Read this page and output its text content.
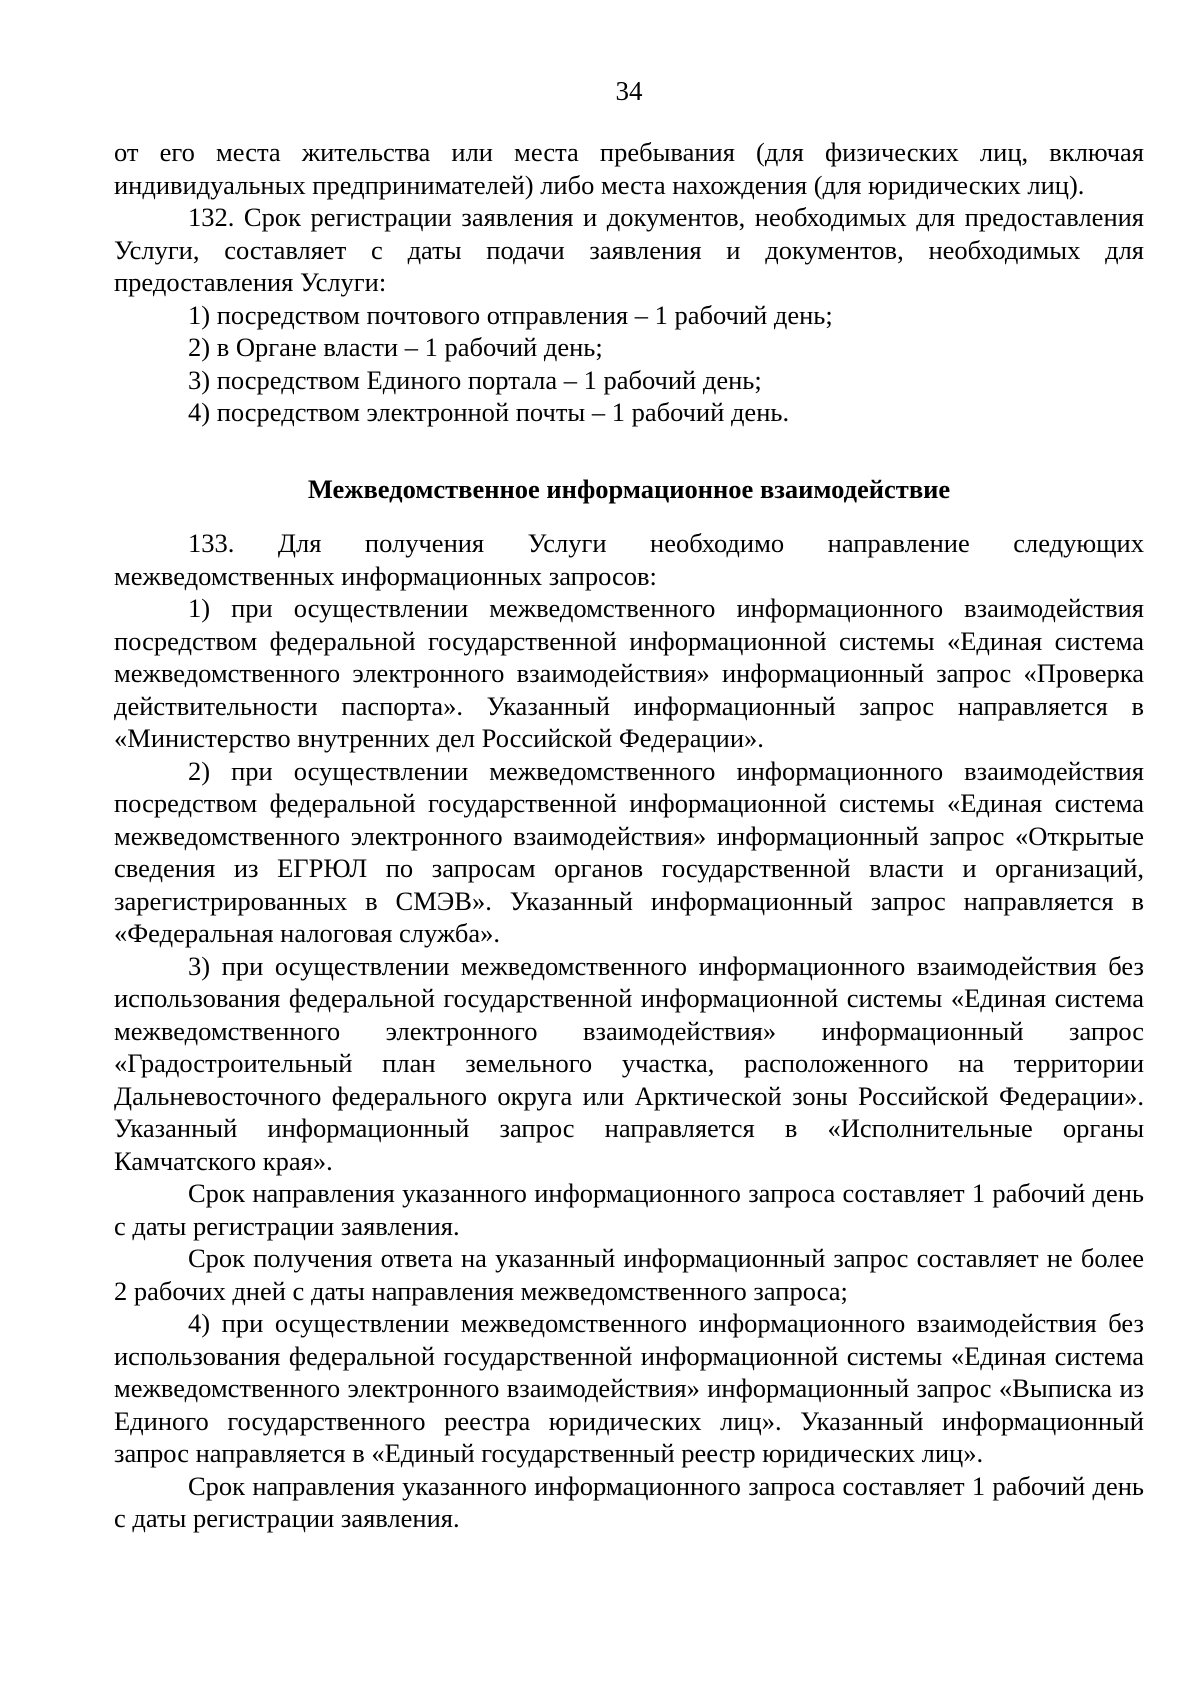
34

от его места жительства или места пребывания (для физических лиц, включая индивидуальных предпринимателей) либо места нахождения (для юридических лиц).

132. Срок регистрации заявления и документов, необходимых для предоставления Услуги, составляет с даты подачи заявления и документов, необходимых для предоставления Услуги:

1) посредством почтового отправления – 1 рабочий день;

2) в Органе власти – 1 рабочий день;

3) посредством Единого портала – 1 рабочий день;

4) посредством электронной почты – 1 рабочий день.

Межведомственное информационное взаимодействие

133. Для получения Услуги необходимо направление следующих межведомственных информационных запросов:

1) при осуществлении межведомственного информационного взаимодействия посредством федеральной государственной информационной системы «Единая система межведомственного электронного взаимодействия» информационный запрос «Проверка действительности паспорта». Указанный информационный запрос направляется в «Министерство внутренних дел Российской Федерации».

2) при осуществлении межведомственного информационного взаимодействия посредством федеральной государственной информационной системы «Единая система межведомственного электронного взаимодействия» информационный запрос «Открытые сведения из ЕГРЮЛ по запросам органов государственной власти и организаций, зарегистрированных в СМЭВ». Указанный информационный запрос направляется в «Федеральная налоговая служба».

3) при осуществлении межведомственного информационного взаимодействия без использования федеральной государственной информационной системы «Единая система межведомственного электронного взаимодействия» информационный запрос «Градостроительный план земельного участка, расположенного на территории Дальневосточного федерального округа или Арктической зоны Российской Федерации». Указанный информационный запрос направляется в «Исполнительные органы Камчатского края».

Срок направления указанного информационного запроса составляет 1 рабочий день с даты регистрации заявления.

Срок получения ответа на указанный информационный запрос составляет не более 2 рабочих дней с даты направления межведомственного запроса;

4) при осуществлении межведомственного информационного взаимодействия без использования федеральной государственной информационной системы «Единая система межведомственного электронного взаимодействия» информационный запрос «Выписка из Единого государственного реестра юридических лиц». Указанный информационный запрос направляется в «Единый государственный реестр юридических лиц».

Срок направления указанного информационного запроса составляет 1 рабочий день с даты регистрации заявления.
